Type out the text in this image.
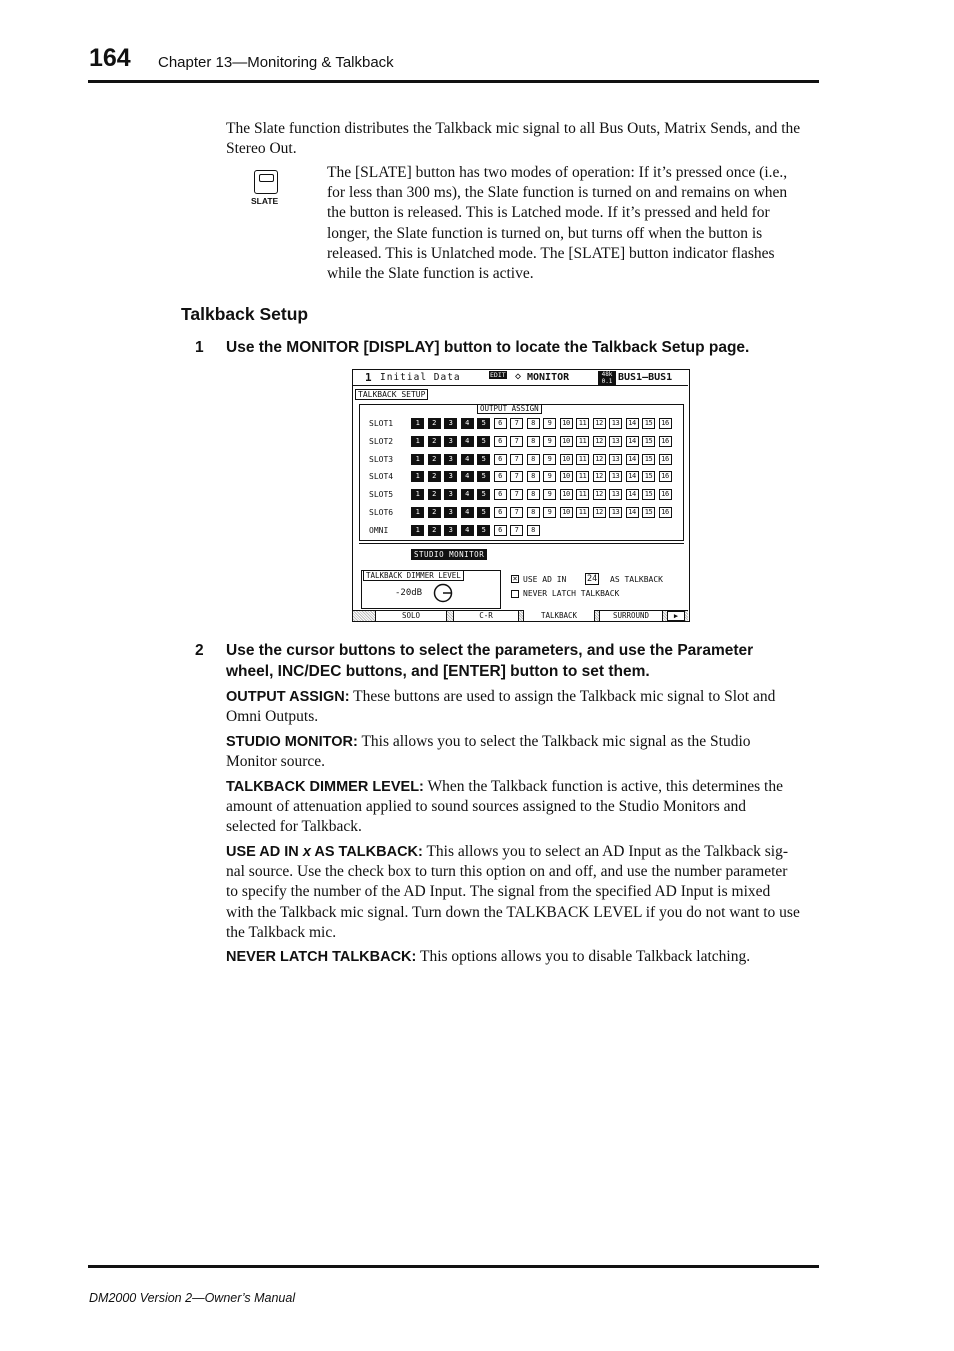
164 Chapter 13—Monitoring & Talkback
The Slate function distributes the Talkback mic signal to all Bus Outs, Matrix Sends, and the
Stereo Out.
SLATE
The [SLATE] button has two modes of operation: If it’s pressed once (i.e.,
for less than 300 ms), the Slate function is turned on and remains on when
the button is released. This is Latched mode. If it’s pressed and held for
longer, the Slate function is turned on, but turns off when the button is
released. This is Unlatched mode. The [SLATE] button indicator flashes
while the Slate function is active.
Talkback Setup
1 Use the MONITOR [DISPLAY] button to locate the Talkback Setup page.
1 Initial Data	EDIT ◇ MONITOR	48k
0.1 BUS1–BUS1
TALKBACK SETUP
OUTPUT ASSIGN
SLOT1	1	2	3	4	5	6	7	8	9	10	11	12	13	14	15	16
SLOT2	1	2	3	4	5	6	7	8	9	10	11	12	13	14	15	16
SLOT3	1	2	3	4	5	6	7	8	9	10	11	12	13	14	15	16
SLOT4	1	2	3	4	5	6	7	8	9	10	11	12	13	14	15	16
SLOT5	1	2	3	4	5	6	7	8	9	10	11	12	13	14	15	16
SLOT6	1	2	3	4	5	6	7	8	9	10	11	12	13	14	15	16
OMNI	1	2	3	4	5	6	7	8
STUDIO MONITOR
TALKBACK DIMMER LEVEL
-20dB
× USE AD IN 24 AS TALKBACK
NEVER LATCH TALKBACK
SOLO	C-R	TALKBACK	SURROUND	▶
2 Use the cursor buttons to select the parameters, and use the Parameter
wheel, INC/DEC buttons, and [ENTER] button to set them.
OUTPUT ASSIGN: These buttons are used to assign the Talkback mic signal to Slot and
Omni Outputs.
STUDIO MONITOR: This allows you to select the Talkback mic signal as the Studio
Monitor source.
TALKBACK DIMMER LEVEL: When the Talkback function is active, this determines the
amount of attenuation applied to sound sources assigned to the Studio Monitors and
selected for Talkback.
USE AD IN x AS TALKBACK: This allows you to select an AD Input as the Talkback sig-
nal source. Use the check box to turn this option on and off, and use the number parameter
to specify the number of the AD Input. The signal from the specified AD Input is mixed
with the Talkback mic signal. Turn down the TALKBACK LEVEL if you do not want to use
the Talkback mic.
NEVER LATCH TALKBACK: This options allows you to disable Talkback latching.
DM2000 Version 2—Owner’s Manual
